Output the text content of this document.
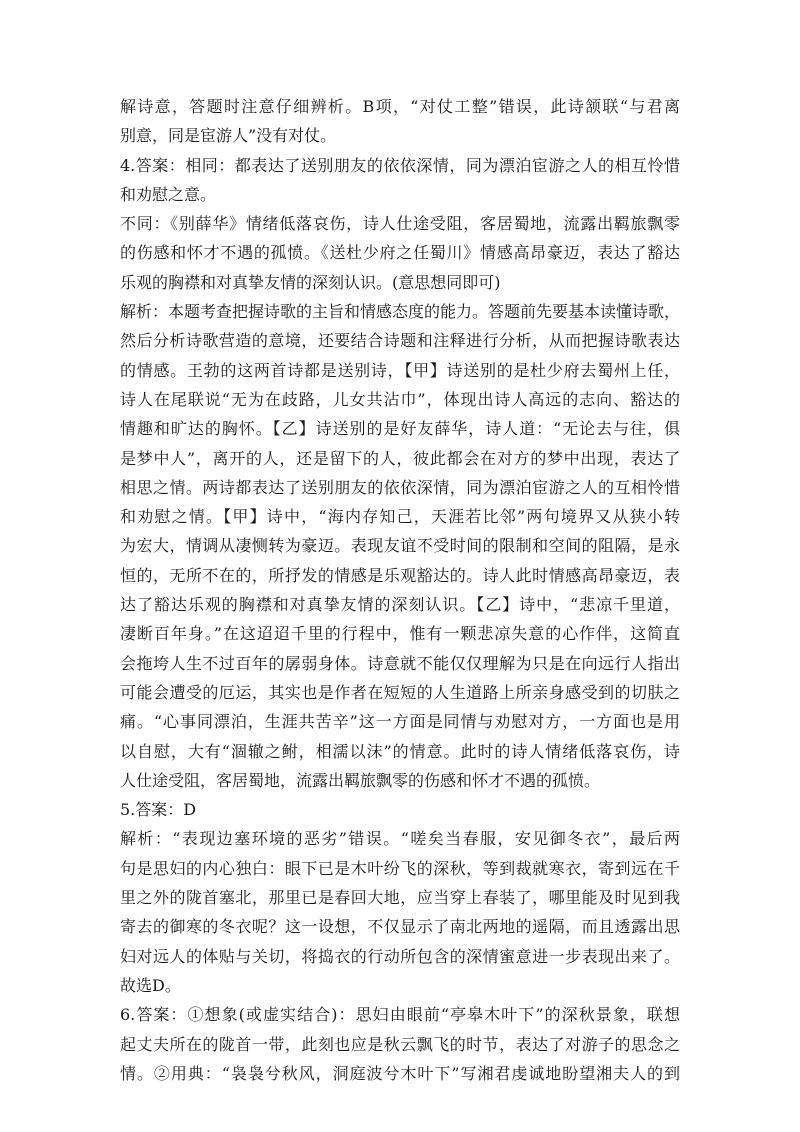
解诗意，答题时注意仔细辨析。B项，“对仗工整”错误，此诗颔联“与君离
别意，同是宦游人”没有对仗。
4.答案：相同：都表达了送别朋友的依依深情，同为漂泊宦游之人的相互怜惜
和劝慰之意。
不同：《别薛华》情绪低落哀伤，诗人仕途受阻，客居蜀地，流露出羁旅飘零
的伤感和怀才不遇的孤愤。《送杜少府之任蜀川》情感高昂豪迈，表达了豁达
乐观的胸襟和对真挚友情的深刻认识。(意思想同即可)
解析：本题考查把握诗歌的主旨和情感态度的能力。答题前先要基本读懂诗歌，
然后分析诗歌营造的意境，还要结合诗题和注释进行分析，从而把握诗歌表达
的情感。王勃的这两首诗都是送别诗，【甲】诗送别的是杜少府去蜀州上任，
诗人在尾联说“无为在歧路，儿女共沾巾”，体现出诗人高远的志向、豁达的
情趣和旷达的胸怀。【乙】诗送别的是好友薛华，诗人道：“无论去与往，俱
是梦中人”，离开的人，还是留下的人，彼此都会在对方的梦中出现，表达了
相思之情。两诗都表达了送别朋友的依依深情，同为漂泊宦游之人的互相怜惜
和劝慰之情。【甲】诗中，“海内存知己，天涯若比邻”两句境界又从狭小转
为宏大，情调从凄恻转为豪迈。表现友谊不受时间的限制和空间的阻隔，是永
恒的，无所不在的，所抒发的情感是乐观豁达的。诗人此时情感高昂豪迈，表
达了豁达乐观的胸襟和对真挚友情的深刻认识。【乙】诗中，“悲凉千里道，
凄断百年身。”在这迢迢千里的行程中，惟有一颗悲凉失意的心作伴，这简直
会拖垮人生不过百年的孱弱身体。诗意就不能仅仅理解为只是在向远行人指出
可能会遭受的厄运，其实也是作者在短短的人生道路上所亲身感受到的切肤之
痛。“心事同漂泊，生涯共苦辛”这一方面是同情与劝慰对方，一方面也是用
以自慰，大有“涸辙之鲋，相濡以沫”的情意。此时的诗人情绪低落哀伤，诗
人仕途受阻，客居蜀地，流露出羁旅飘零的伤感和怀才不遇的孤愤。
5.答案：D
解析：“表现边塞环境的恶劣”错误。“嗟矣当春服，安见御冬衣”，最后两
句是思妇的内心独白：眼下已是木叶纷飞的深秋，等到裁就寒衣，寄到远在千
里之外的陇首塞北，那里已是春回大地，应当穿上春装了，哪里能及时见到我
寄去的御寒的冬衣呢？这一设想，不仅显示了南北两地的遥隔，而且透露出思
妇对远人的体贴与关切，将捣衣的行动所包含的深情蜜意进一步表现出来了。
故选D。
6.答案：①想象(或虚实结合)：思妇由眼前“亭皋木叶下”的深秋景象，联想
起丈夫所在的陇首一带，此刻也应是秋云飘飞的时节，表达了对游子的思念之
情。②用典：“袅袅兮秋风，洞庭波兮木叶下”写湘君虔诚地盼望湘夫人的到
